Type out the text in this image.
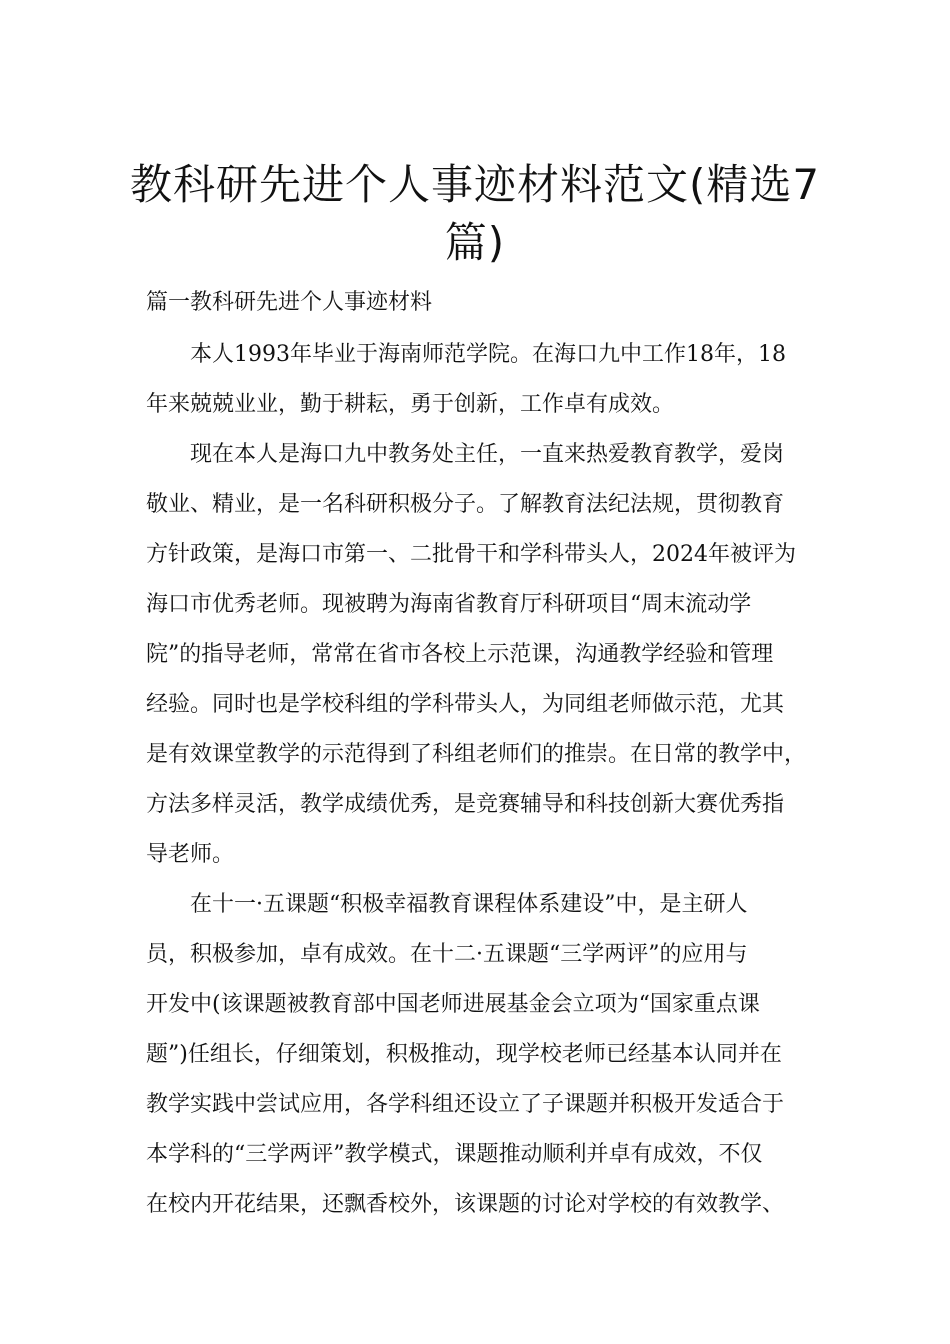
教科研先进个人事迹材料范文(精选7
篇)
篇一教科研先进个人事迹材料
本人1993年毕业于海南师范学院。在海口九中工作18年，18
年来兢兢业业，勤于耕耘，勇于创新，工作卓有成效。
现在本人是海口九中教务处主任，一直来热爱教育教学，爱岗
敬业、精业，是一名科研积极分子。了解教育法纪法规，贯彻教育
方针政策，是海口市第一、二批骨干和学科带头人，2024年被评为
海口市优秀老师。现被聘为海南省教育厅科研项目“周末流动学
院”的指导老师，常常在省市各校上示范课，沟通教学经验和管理
经验。同时也是学校科组的学科带头人，为同组老师做示范，尤其
是有效课堂教学的示范得到了科组老师们的推崇。在日常的教学中，
方法多样灵活，教学成绩优秀，是竞赛辅导和科技创新大赛优秀指
导老师。
在十一·五课题“积极幸福教育课程体系建设”中，是主研人
员，积极参加，卓有成效。在十二·五课题“三学两评”的应用与
开发中(该课题被教育部中国老师进展基金会立项为“国家重点课
题”)任组长，仔细策划，积极推动，现学校老师已经基本认同并在
教学实践中尝试应用，各学科组还设立了子课题并积极开发适合于
本学科的“三学两评”教学模式，课题推动顺利并卓有成效，不仅
在校内开花结果，还飘香校外，该课题的讨论对学校的有效教学、
